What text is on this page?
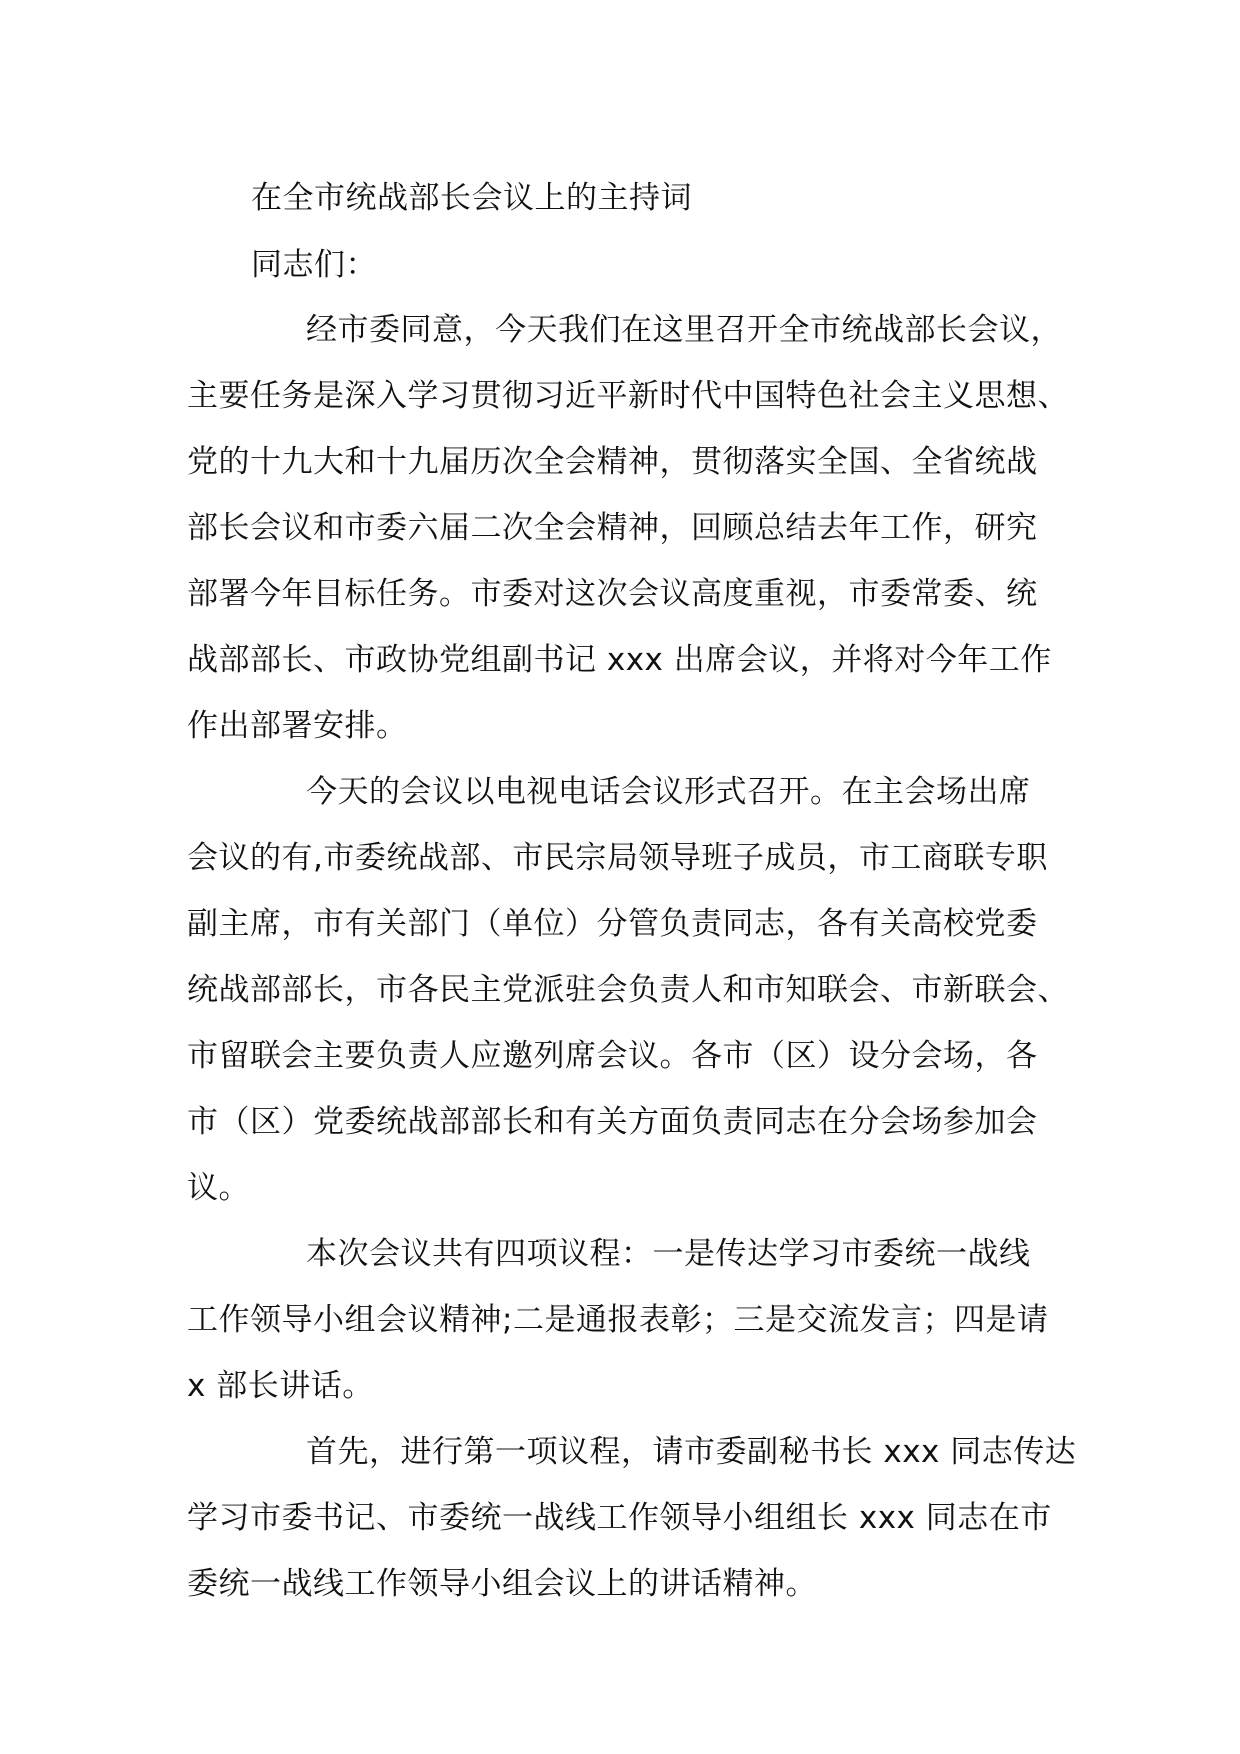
在全市统战部长会议上的主持词
同志们：
经市委同意，今天我们在这里召开全市统战部长会议，
主要任务是深入学习贯彻习近平新时代中国特色社会主义思想、
党的十九大和十九届历次全会精神，贯彻落实全国、全省统战
部长会议和市委六届二次全会精神，回顾总结去年工作，研究
部署今年目标任务。市委对这次会议高度重视，市委常委、统
战部部长、市政协党组副书记 xxx 出席会议，并将对今年工作
作出部署安排。
今天的会议以电视电话会议形式召开。在主会场出席
会议的有,市委统战部、市民宗局领导班子成员，市工商联专职
副主席，市有关部门（单位）分管负责同志，各有关高校党委
统战部部长，市各民主党派驻会负责人和市知联会、市新联会、
市留联会主要负责人应邀列席会议。各市（区）设分会场，各
市（区）党委统战部部长和有关方面负责同志在分会场参加会
议。
本次会议共有四项议程：一是传达学习市委统一战线
工作领导小组会议精神;二是通报表彰；三是交流发言；四是请
x 部长讲话。
首先，进行第一项议程，请市委副秘书长 xxx 同志传达
学习市委书记、市委统一战线工作领导小组组长 xxx 同志在市
委统一战线工作领导小组会议上的讲话精神。
